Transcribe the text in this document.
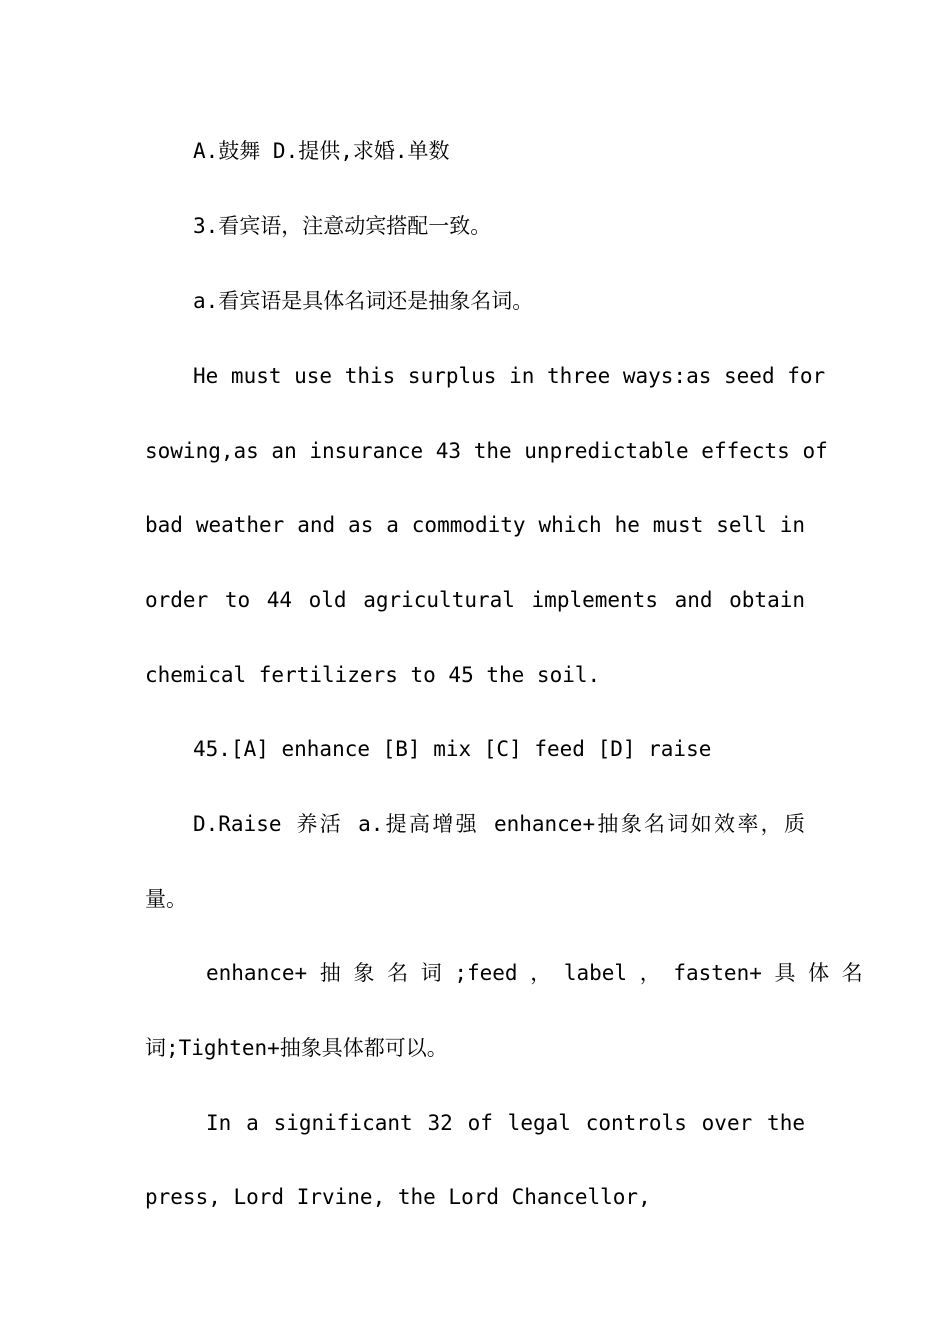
A.鼓舞 D.提供,求婚.单数
3.看宾语，注意动宾搭配一致。
a.看宾语是具体名词还是抽象名词。
He must use this surplus in three ways:as seed for
sowing,as an insurance 43 the unpredictable effects of
bad weather and as a commodity which he must sell in
order to 44 old agricultural implements and obtain
chemical fertilizers to 45 the soil.
45.[A] enhance [B] mix [C] feed [D] raise
D.Raise 养活 a.提高增强 enhance+抽象名词如效率，质
量。
enhance+ 抽 象 名 词 ;feed ， label ， fasten+ 具 体 名
词;Tighten+抽象具体都可以。
In a significant 32 of legal controls over the
press, Lord Irvine, the Lord Chancellor,
